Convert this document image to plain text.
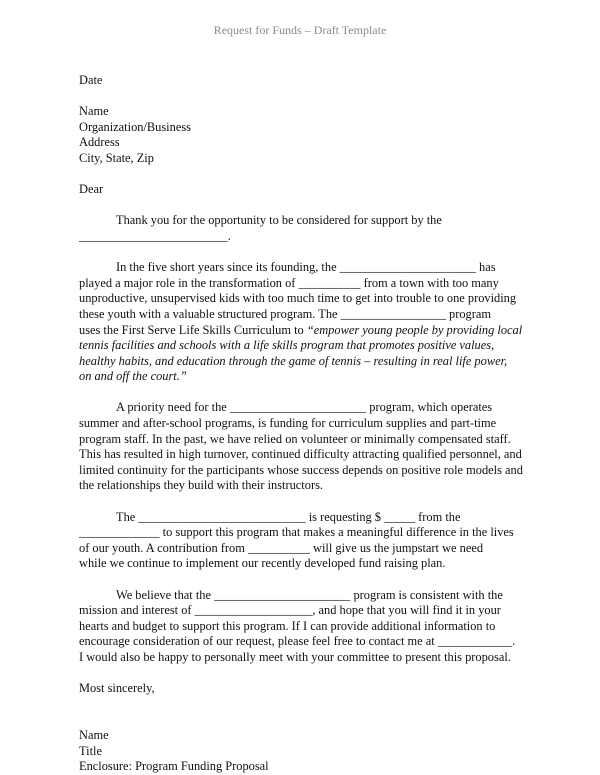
Request for Funds – Draft Template
Date
Name
Organization/Business
Address
City, State, Zip
Dear
Thank you for the opportunity to be considered for support by the
________________________.
In the five short years since its founding, the ______________________ has
played a major role in the transformation of __________ from a town with too many
unproductive, unsupervised kids with too much time to get into trouble to one providing
these youth with a valuable structured program. The _________________ program
uses the First Serve Life Skills Curriculum to “empower young people by providing local
tennis facilities and schools with a life skills program that promotes positive values,
healthy habits, and education through the game of tennis – resulting in real life power,
on and off the court.”
A priority need for the ______________________ program, which operates
summer and after-school programs, is funding for curriculum supplies and part-time
program staff. In the past, we have relied on volunteer or minimally compensated staff.
This has resulted in high turnover, continued difficulty attracting qualified personnel, and
limited continuity for the participants whose success depends on positive role models and
the relationships they build with their instructors.
The ___________________________ is requesting $ _____ from the
_____________ to support this program that makes a meaningful difference in the lives
of our youth. A contribution from __________ will give us the jumpstart we need
while we continue to implement our recently developed fund raising plan.
We believe that the ______________________ program is consistent with the
mission and interest of ___________________, and hope that you will find it in your
hearts and budget to support this program. If I can provide additional information to
encourage consideration of our request, please feel free to contact me at ____________.
I would also be happy to personally meet with your committee to present this proposal.
Most sincerely,
Name
Title
Enclosure: Program Funding Proposal
